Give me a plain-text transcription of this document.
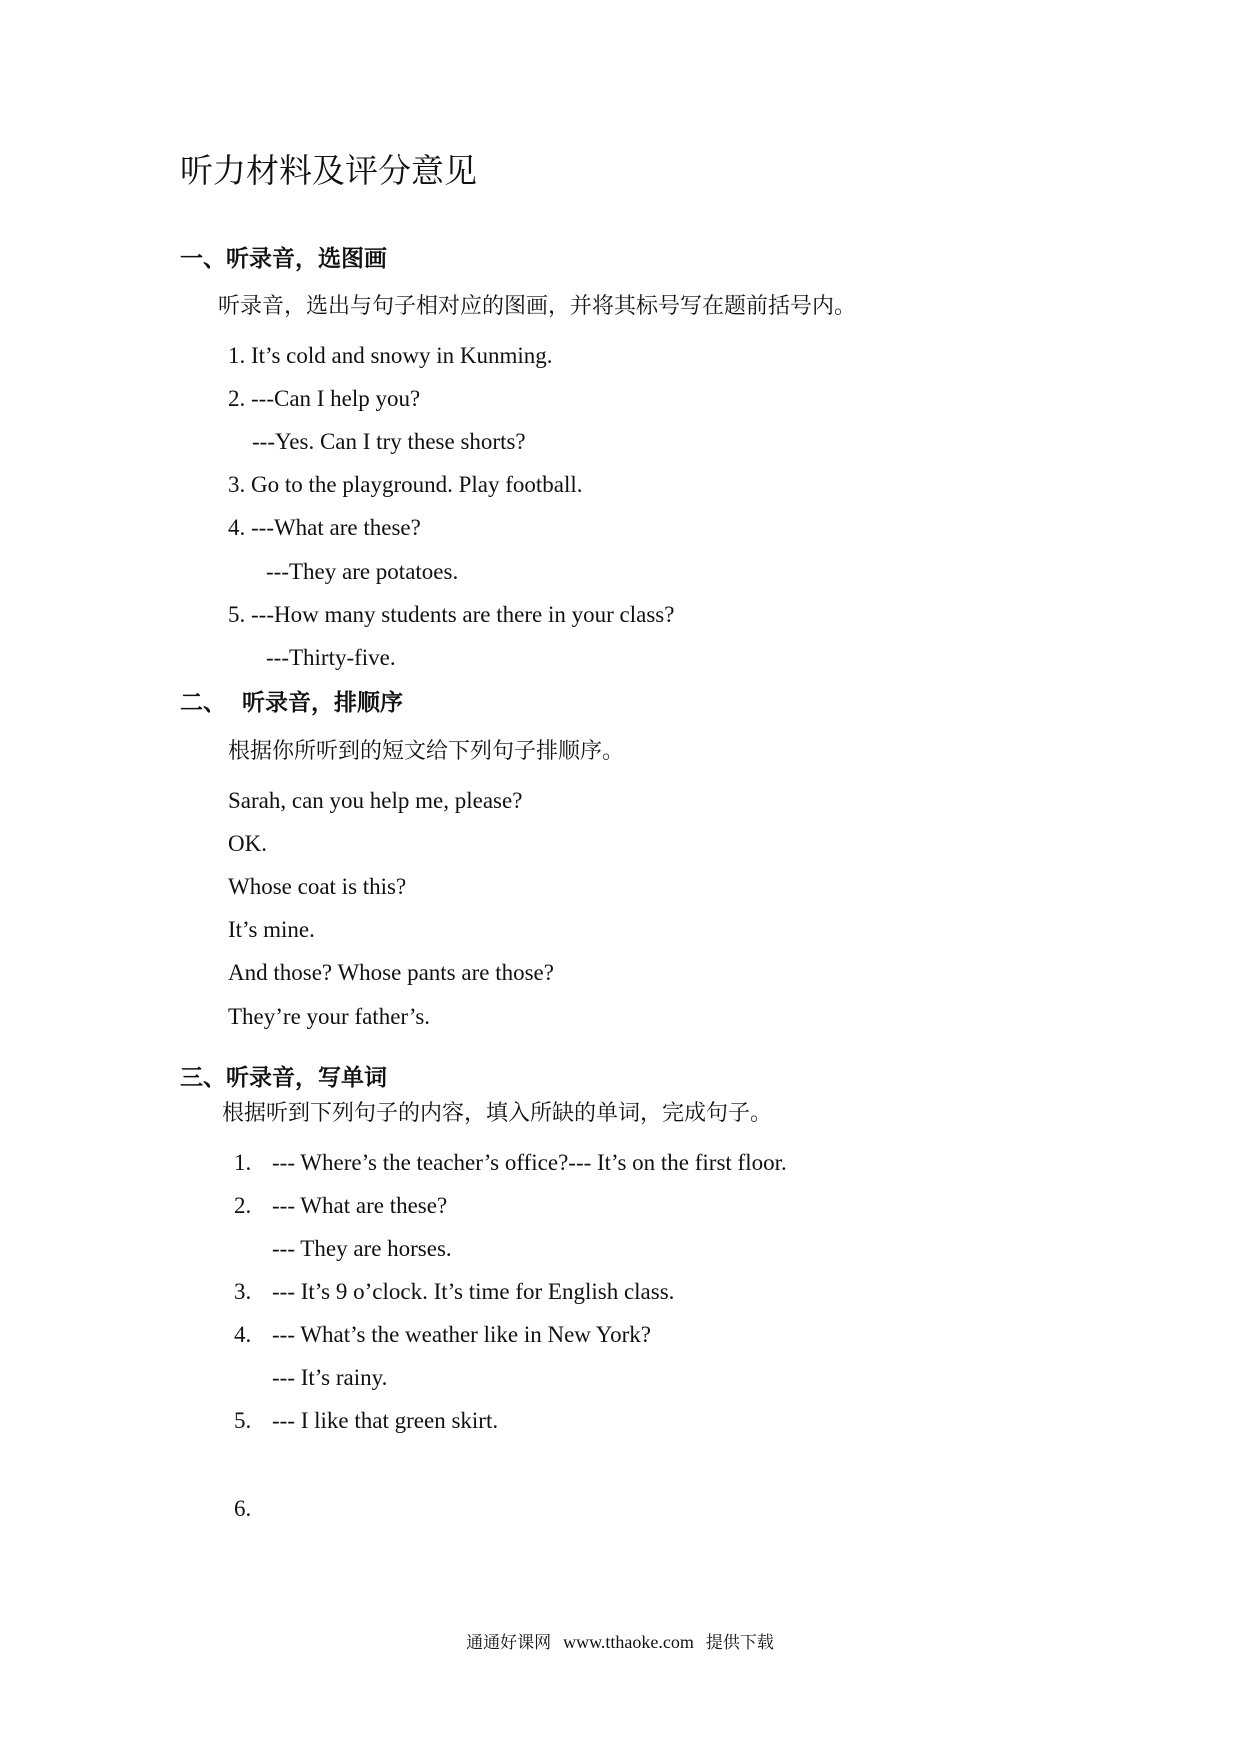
听力材料及评分意见
一、听录音，选图画
听录音，选出与句子相对应的图画，并将其标号写在题前括号内。
1. It’s cold and snowy in Kunming.
2. ---Can I help you?
---Yes. Can I try these shorts?
3. Go to the playground. Play football.
4. ---What are these?
---They are potatoes.
5. ---How many students are there in your class?
---Thirty-five.
二、 听录音，排顺序
根据你所听到的短文给下列句子排顺序。
Sarah, can you help me, please?
OK.
Whose coat is this?
It’s mine.
And those? Whose pants are those?
They’re your father’s.
三、听录音，写单词
根据听到下列句子的内容，填入所缺的单词，完成句子。
1. --- Where’s the teacher’s office?--- It’s on the first floor.
2. --- What are these?
--- They are horses.
3. --- It’s 9 o’clock. It’s time for English class.
4. --- What’s the weather like in New York?
--- It’s rainy.
5. --- I like that green skirt.
6.
通通好课网 www.tthaoke.com 提供下载
